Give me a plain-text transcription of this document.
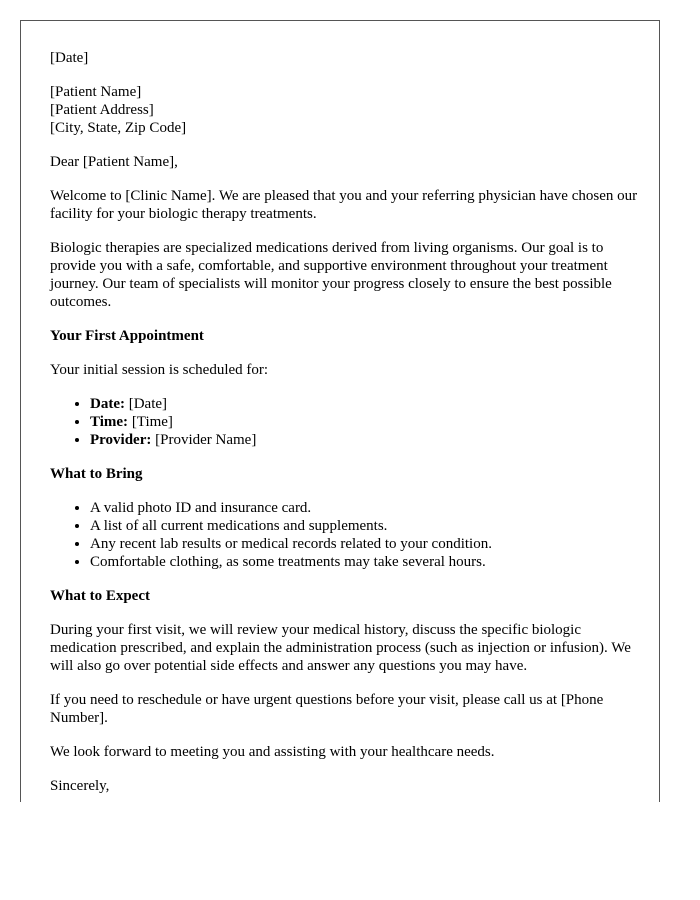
[Date]

[Patient Name]
[Patient Address]
[City, State, Zip Code]

Dear [Patient Name],

Welcome to [Clinic Name]. We are pleased that you and your referring physician have chosen our facility for your biologic therapy treatments.

Biologic therapies are specialized medications derived from living organisms. Our goal is to provide you with a safe, comfortable, and supportive environment throughout your treatment journey. Our team of specialists will monitor your progress closely to ensure the best possible outcomes.

Your First Appointment

Your initial session is scheduled for:

• Date: [Date]
• Time: [Time]
• Provider: [Provider Name]
What to Bring
• A valid photo ID and insurance card.
• A list of all current medications and supplements.
• Any recent lab results or medical records related to your condition.
• Comfortable clothing, as some treatments may take several hours.
What to Expect

During your first visit, we will review your medical history, discuss the specific biologic medication prescribed, and explain the administration process (such as injection or infusion). We will also go over potential side effects and answer any questions you may have.

If you need to reschedule or have urgent questions before your visit, please call us at [Phone Number].

We look forward to meeting you and assisting with your healthcare needs.

Sincerely,
